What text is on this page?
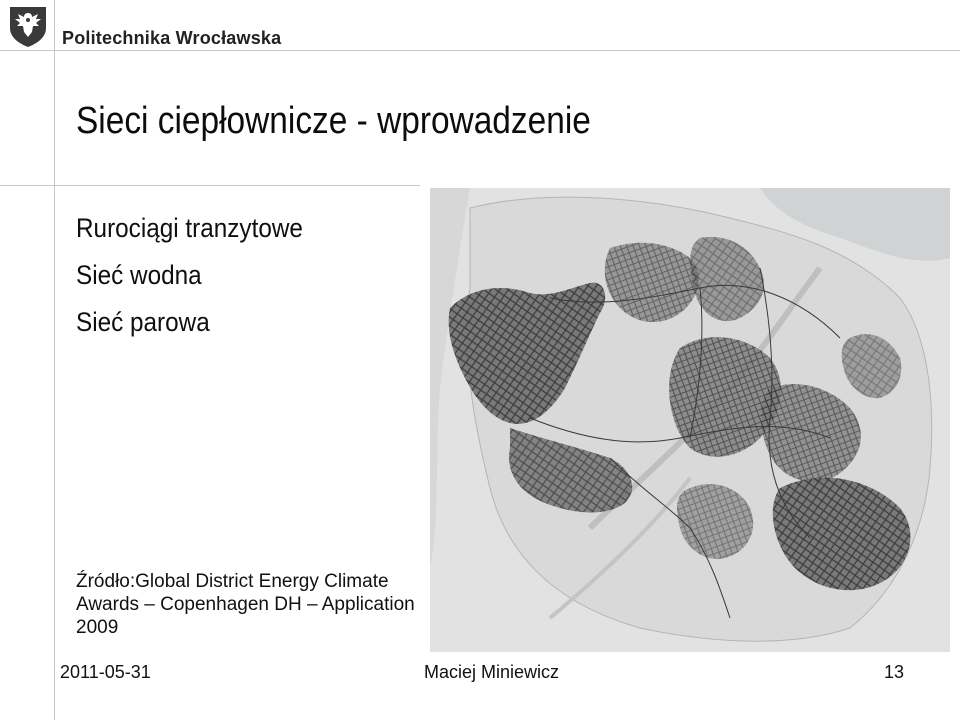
Politechnika Wrocławska
Sieci ciepłownicze - wprowadzenie
Rurociągi tranzytowe
Sieć wodna
Sieć parowa
Źródło:Global District Energy Climate
Awards – Copenhagen DH – Application
2009
2011-05-31	Maciej Miniewicz	13
